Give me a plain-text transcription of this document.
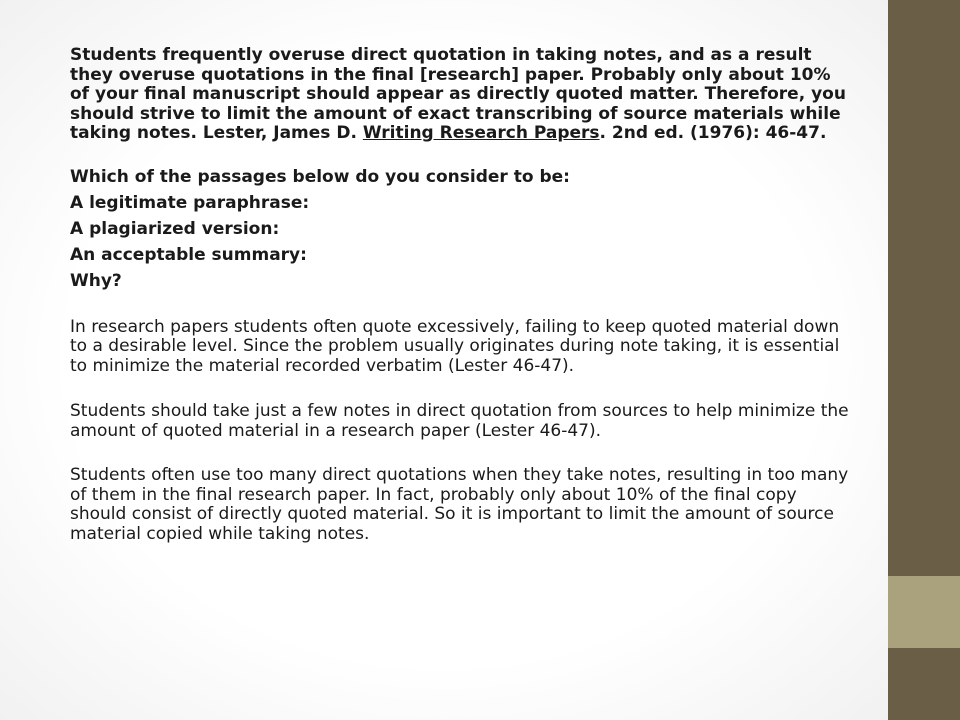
Students frequently overuse direct quotation in taking notes, and as a result they overuse quotations in the final [research] paper. Probably only about 10% of your final manuscript should appear as directly quoted matter. Therefore, you should strive to limit the amount of exact transcribing of source materials while taking notes. Lester, James D. Writing Research Papers. 2nd ed. (1976): 46-47.

Which of the passages below do you consider to be:

A legitimate paraphrase:

A plagiarized version:

An acceptable summary:

Why?

In research papers students often quote excessively, failing to keep quoted material down to a desirable level. Since the problem usually originates during note taking, it is essential to minimize the material recorded verbatim (Lester 46-47).

Students should take just a few notes in direct quotation from sources to help minimize the amount of quoted material in a research paper (Lester 46-47).

Students often use too many direct quotations when they take notes, resulting in too many of them in the final research paper. In fact, probably only about 10% of the final copy should consist of directly quoted material. So it is important to limit the amount of source material copied while taking notes.
